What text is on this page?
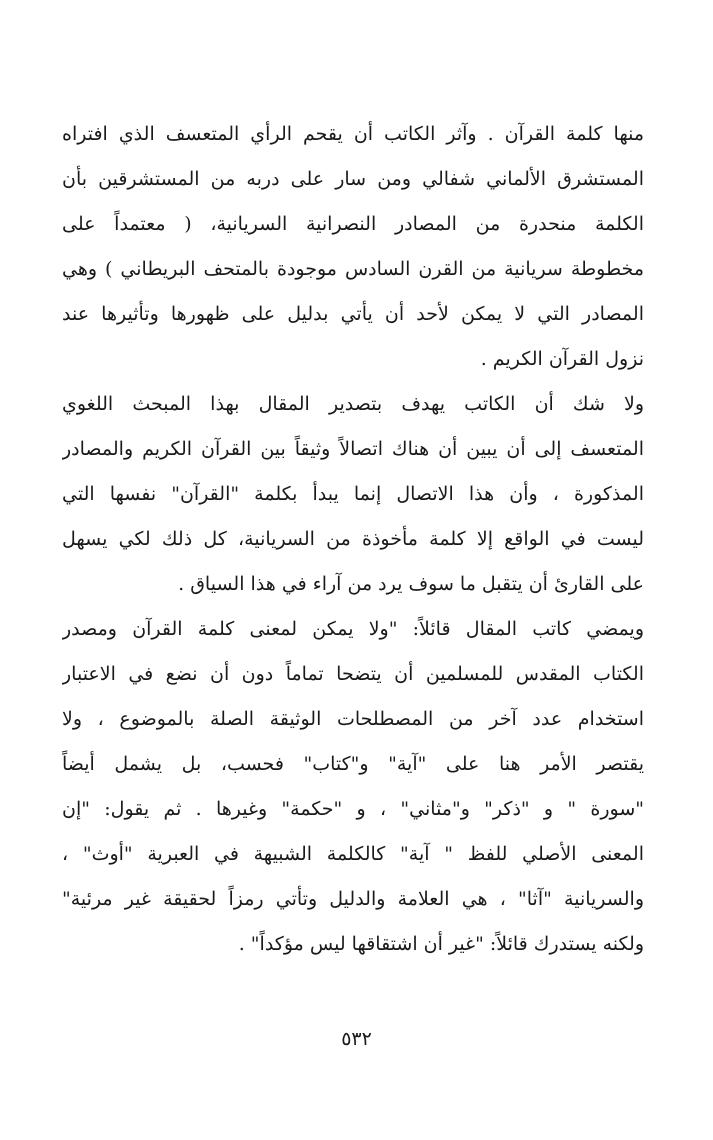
منها كلمة القرآن . وآثر الكاتب أن يقحم الرأي المتعسف الذي افتراه
المستشرق الألماني شفالي ومن سار على دربه من المستشرقين بأن
الكلمة منحدرة من المصادر النصرانية السريانية، ( معتمداً على
مخطوطة سريانية من القرن السادس موجودة بالمتحف البريطاني ) وهي
المصادر التي لا يمكن لأحد أن يأتي بدليل على ظهورها وتأثيرها عند
نزول القرآن الكريم .
ولا شك أن الكاتب يهدف بتصدير المقال بهذا المبحث اللغوي
المتعسف إلى أن يبين أن هناك اتصالاً وثيقاً بين القرآن الكريم والمصادر
المذكورة ، وأن هذا الاتصال إنما يبدأ بكلمة "القرآن" نفسها التي
ليست في الواقع إلا كلمة مأخوذة من السريانية، كل ذلك لكي يسهل
على القارئ أن يتقبل ما سوف يرد من آراء في هذا السياق .
ويمضي كاتب المقال قائلاً: "ولا يمكن لمعنى كلمة القرآن ومصدر
الكتاب المقدس للمسلمين أن يتضحا تماماً دون أن نضع في الاعتبار
استخدام عدد آخر من المصطلحات الوثيقة الصلة بالموضوع ، ولا
يقتصر الأمر هنا على "آية" و"كتاب" فحسب، بل يشمل أيضاً
"سورة " و "ذكر" و"مثاني" ، و "حكمة" وغيرها . ثم يقول: "إن
المعنى الأصلي للفظ " آية" كالكلمة الشبيهة في العبرية "أوث" ،
والسريانية "آثا" ، هي العلامة والدليل وتأتي رمزاً لحقيقة غير مرئية"
ولكنه يستدرك قائلاً: "غير أن اشتقاقها ليس مؤكداً" .
٥٣٢
